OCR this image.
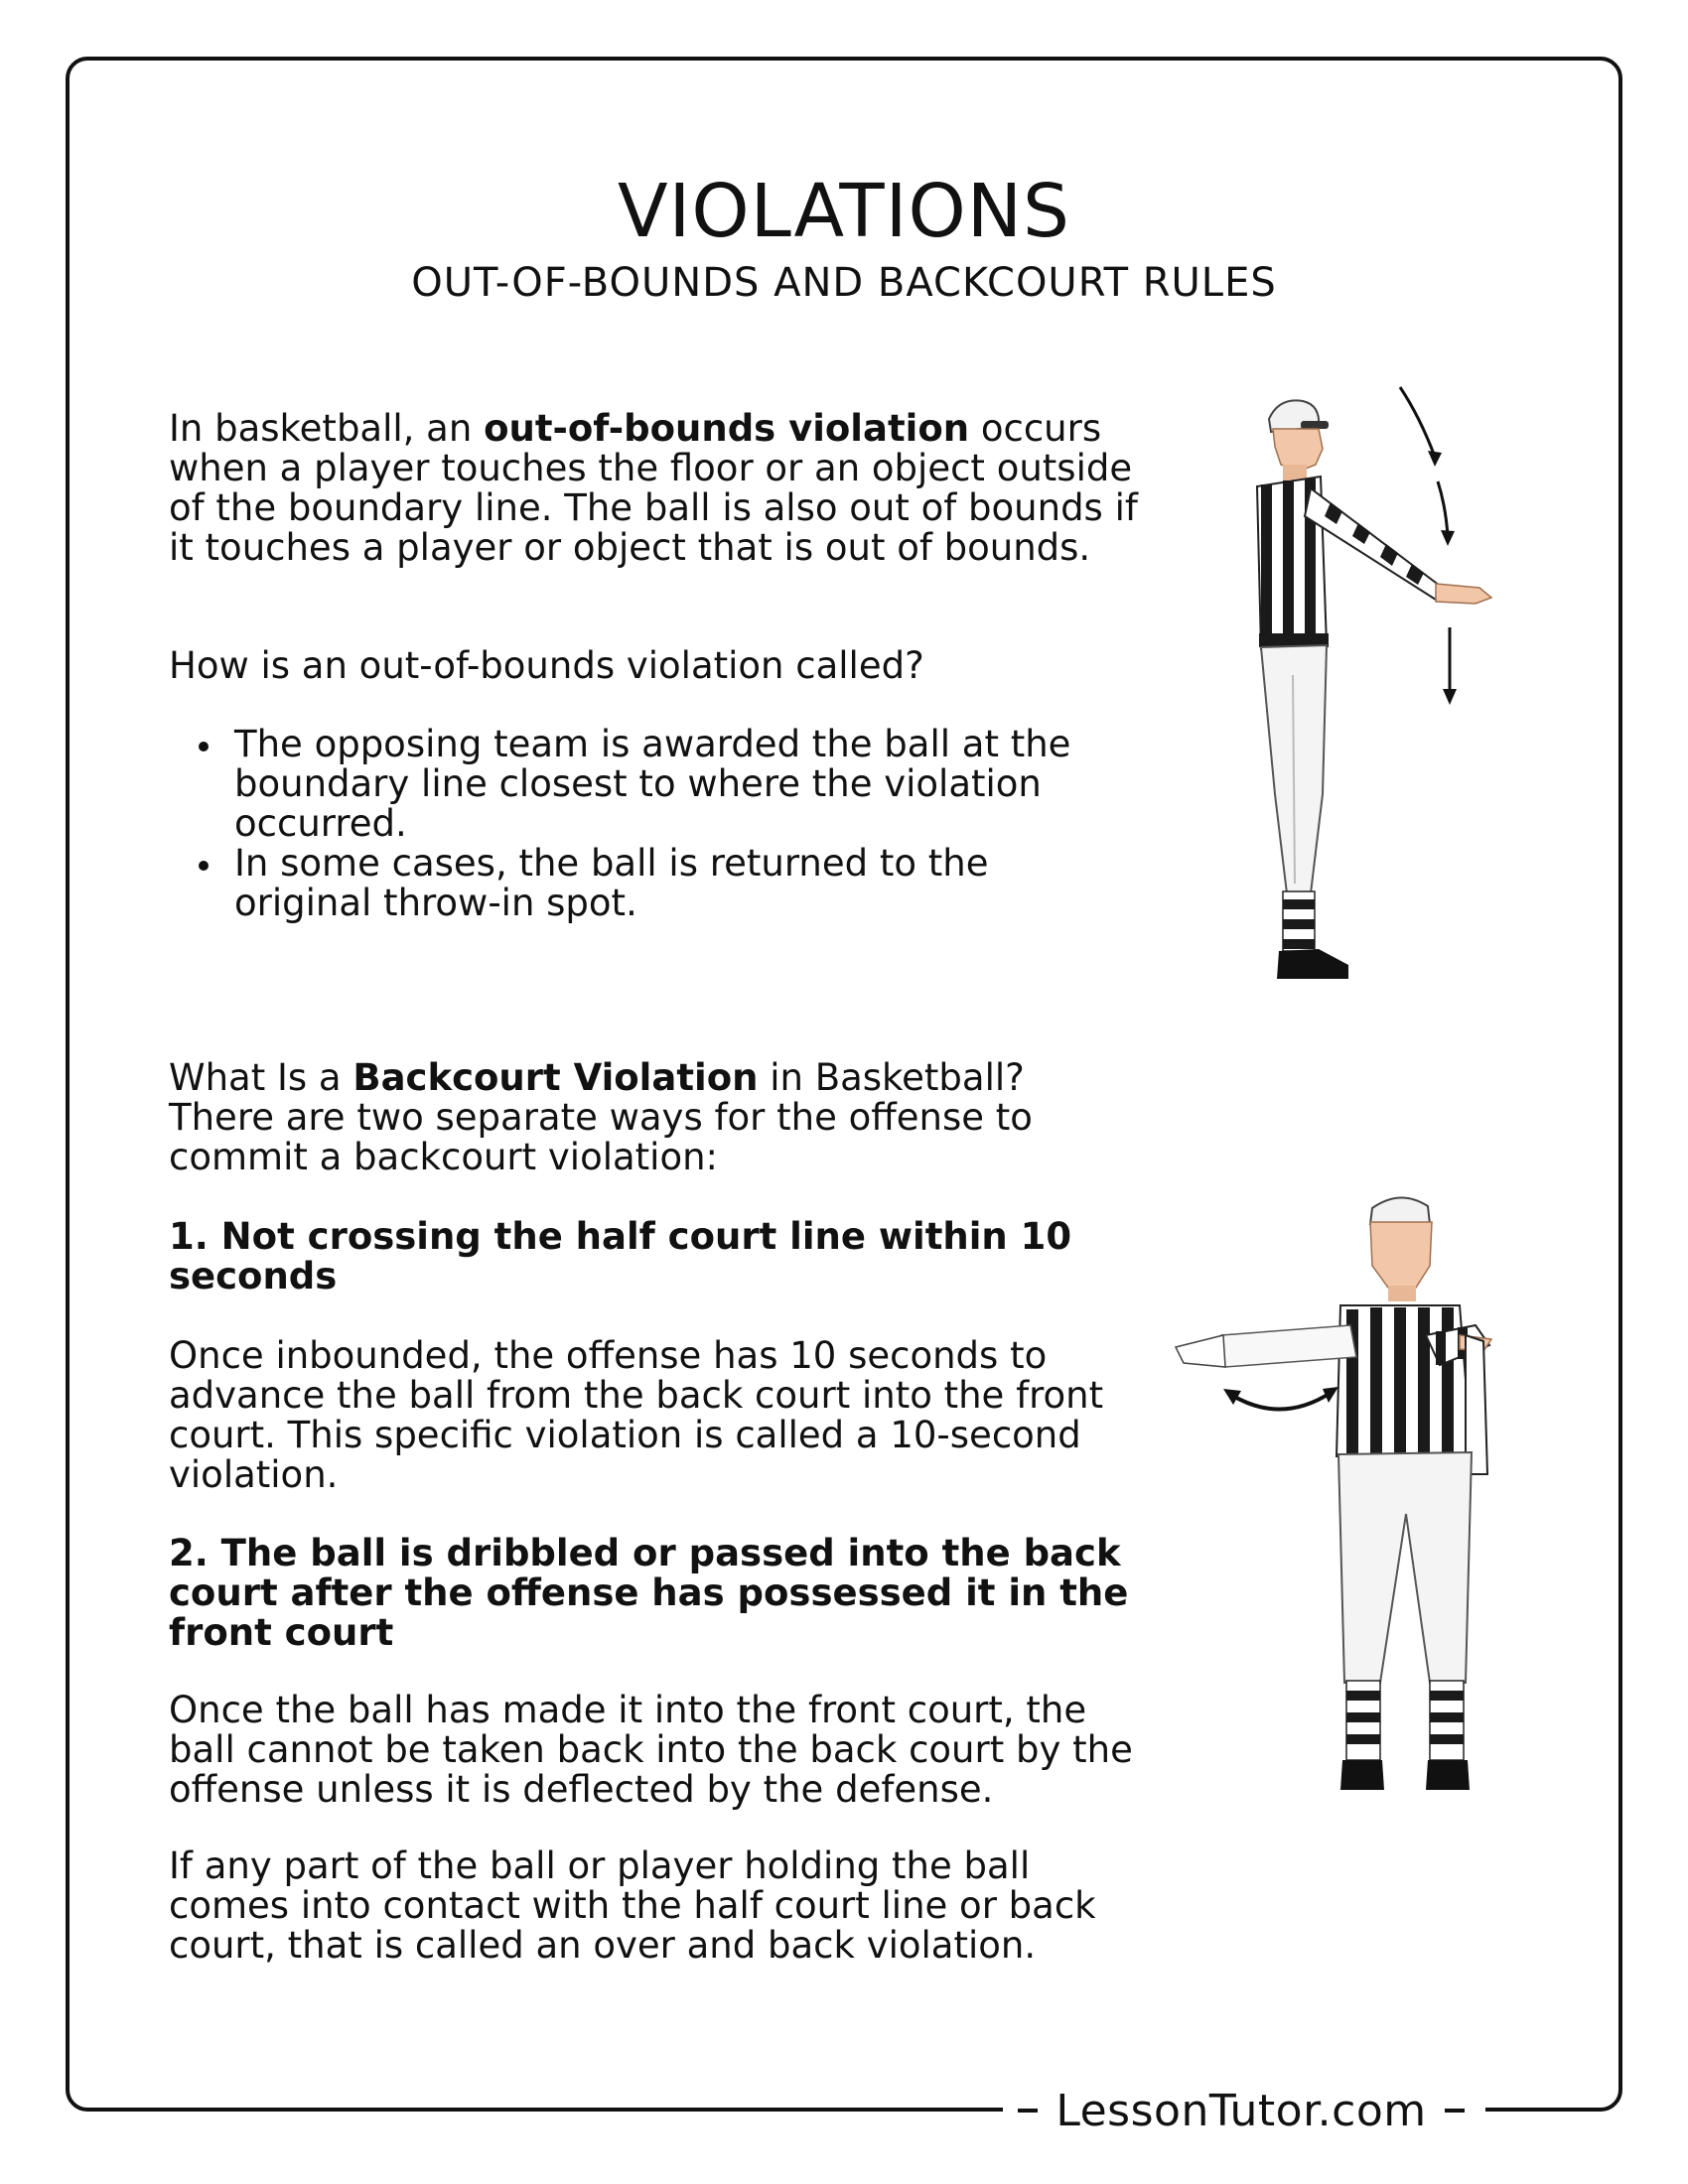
LessonTutor.com
VIOLATIONS
OUT-OF-BOUNDS AND BACKCOURT RULES

In basketball, an out-of-bounds violation occurs when a player touches the floor or an object outside of the boundary line. The ball is also out of bounds if it touches a player or object that is out of bounds.

How is an out-of-bounds violation called?

The opposing team is awarded the ball at the boundary line closest to where the violation occurred.
In some cases, the ball is returned to the original throw-in spot.

What Is a Backcourt Violation in Basketball?

There are two separate ways for the offense to commit a backcourt violation:

1. Not crossing the half court line within 10 seconds

Once inbounded, the offense has 10 seconds to advance the ball from the back court into the front court. This specific violation is called a 10-second violation.

2. The ball is dribbled or passed into the back court after the offense has possessed it in the front court

Once the ball has made it into the front court, the ball cannot be taken back into the back court by the offense unless it is deflected by the defense.

If any part of the ball or player holding the ball comes into contact with the half court line or back court, that is called an over and back violation.
